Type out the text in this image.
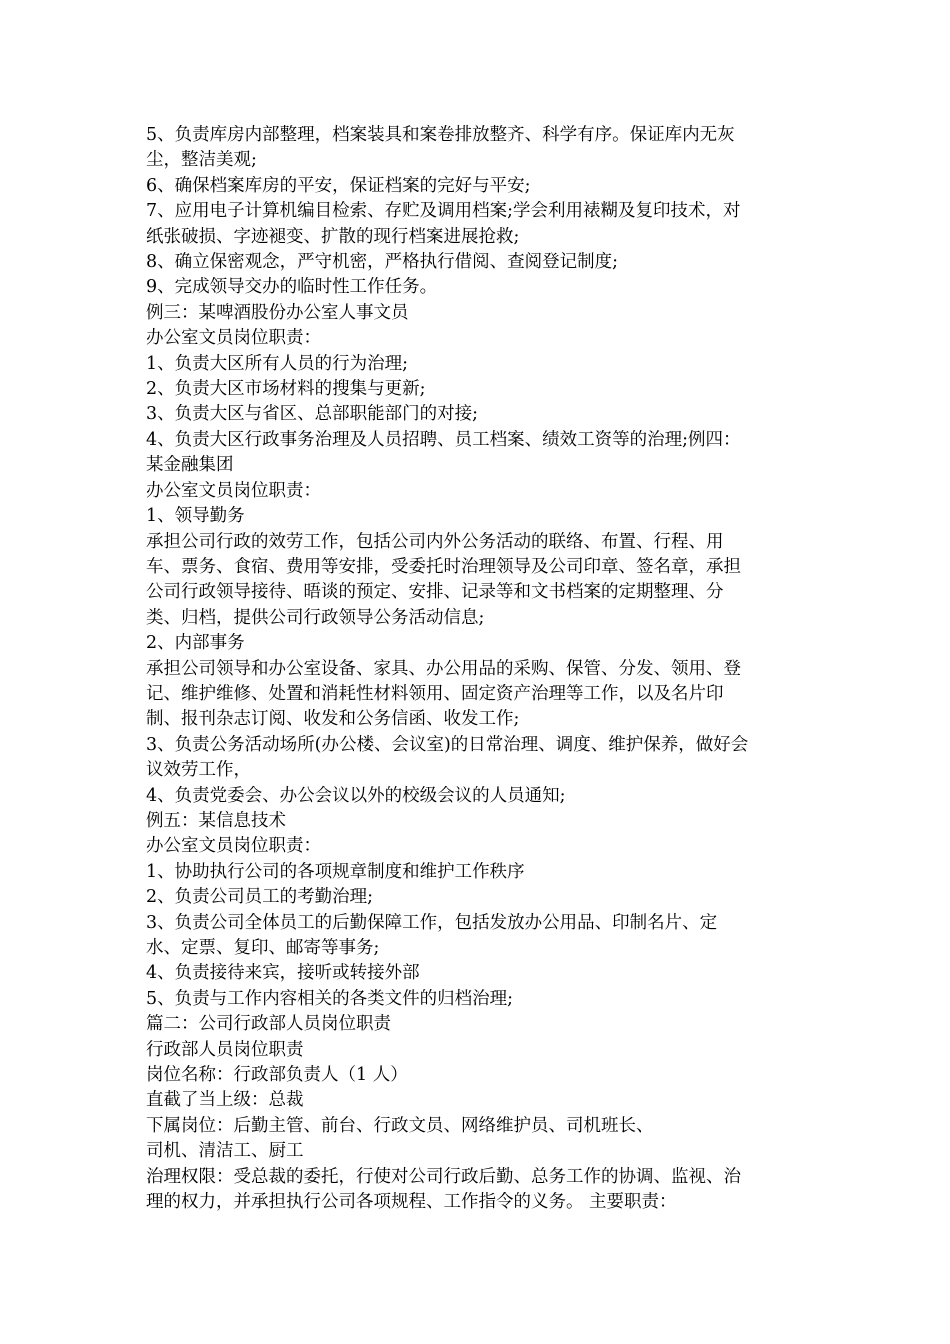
5、负责库房内部整理，档案装具和案卷排放整齐、科学有序。保证库内无灰

尘，整洁美观;

6、确保档案库房的平安，保证档案的完好与平安;

7、应用电子计算机编目检索、存贮及调用档案;学会利用裱糊及复印技术，对

纸张破损、字迹褪变、扩散的现行档案进展抢救;

8、确立保密观念，严守机密，严格执行借阅、查阅登记制度;

9、完成领导交办的临时性工作任务。

例三：某啤酒股份办公室人事文员

办公室文员岗位职责：

1、负责大区所有人员的行为治理;

2、负责大区市场材料的搜集与更新;

3、负责大区与省区、总部职能部门的对接;

4、负责大区行政事务治理及人员招聘、员工档案、绩效工资等的治理;例四：

某金融集团

办公室文员岗位职责：

1、领导勤务

承担公司行政的效劳工作，包括公司内外公务活动的联络、布置、行程、用

车、票务、食宿、费用等安排，受委托时治理领导及公司印章、签名章，承担

公司行政领导接待、晤谈的预定、安排、记录等和文书档案的定期整理、分

类、归档，提供公司行政领导公务活动信息;

2、内部事务

承担公司领导和办公室设备、家具、办公用品的采购、保管、分发、领用、登

记、维护维修、处置和消耗性材料领用、固定资产治理等工作，以及名片印

制、报刊杂志订阅、收发和公务信函、收发工作;

3、负责公务活动场所(办公楼、会议室)的日常治理、调度、维护保养，做好会

议效劳工作，

4、负责党委会、办公会议以外的校级会议的人员通知;

例五：某信息技术

办公室文员岗位职责：

1、协助执行公司的各项规章制度和维护工作秩序

2、负责公司员工的考勤治理;

3、负责公司全体员工的后勤保障工作，包括发放办公用品、印制名片、定

水、定票、复印、邮寄等事务;

4、负责接待来宾，接听或转接外部

5、负责与工作内容相关的各类文件的归档治理;

篇二：公司行政部人员岗位职责

行政部人员岗位职责

岗位名称：行政部负责人（1 人）

直截了当上级：总裁

下属岗位：后勤主管、前台、行政文员、网络维护员、司机班长、

司机、清洁工、厨工

治理权限：受总裁的委托，行使对公司行政后勤、总务工作的协调、监视、治

理的权力，并承担执行公司各项规程、工作指令的义务。 主要职责：
